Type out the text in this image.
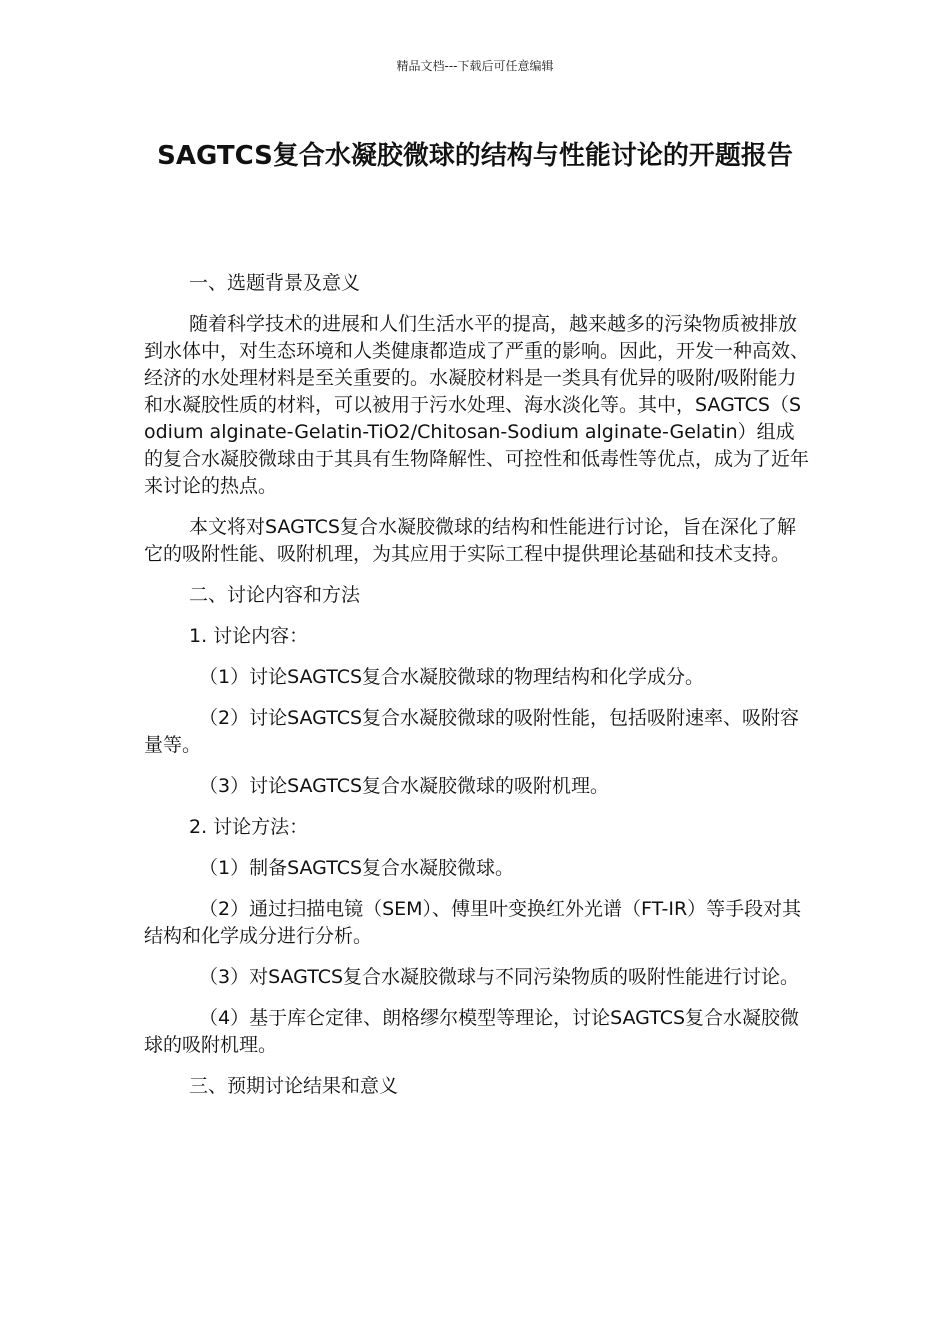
精品文档---下载后可任意编辑
SAGTCS复合水凝胶微球的结构与性能讨论的开题报告

一、选题背景及意义

随着科学技术的进展和人们生活水平的提高，越来越多的污染物质被排放到水体中，对生态环境和人类健康都造成了严重的影响。因此，开发一种高效、经济的水处理材料是至关重要的。水凝胶材料是一类具有优异的吸附/吸附能力和水凝胶性质的材料，可以被用于污水处理、海水淡化等。其中，SAGTCS（Sodium alginate-Gelatin-TiO2/Chitosan-Sodium alginate-Gelatin）组成的复合水凝胶微球由于其具有生物降解性、可控性和低毒性等优点，成为了近年来讨论的热点。

本文将对SAGTCS复合水凝胶微球的结构和性能进行讨论，旨在深化了解它的吸附性能、吸附机理，为其应用于实际工程中提供理论基础和技术支持。

二、讨论内容和方法

1. 讨论内容：

（1）讨论SAGTCS复合水凝胶微球的物理结构和化学成分。

（2）讨论SAGTCS复合水凝胶微球的吸附性能，包括吸附速率、吸附容量等。

（3）讨论SAGTCS复合水凝胶微球的吸附机理。

2. 讨论方法：

（1）制备SAGTCS复合水凝胶微球。

（2）通过扫描电镜（SEM）、傅里叶变换红外光谱（FT-IR）等手段对其结构和化学成分进行分析。

（3）对SAGTCS复合水凝胶微球与不同污染物质的吸附性能进行讨论。

（4）基于库仑定律、朗格缪尔模型等理论，讨论SAGTCS复合水凝胶微球的吸附机理。

三、预期讨论结果和意义
